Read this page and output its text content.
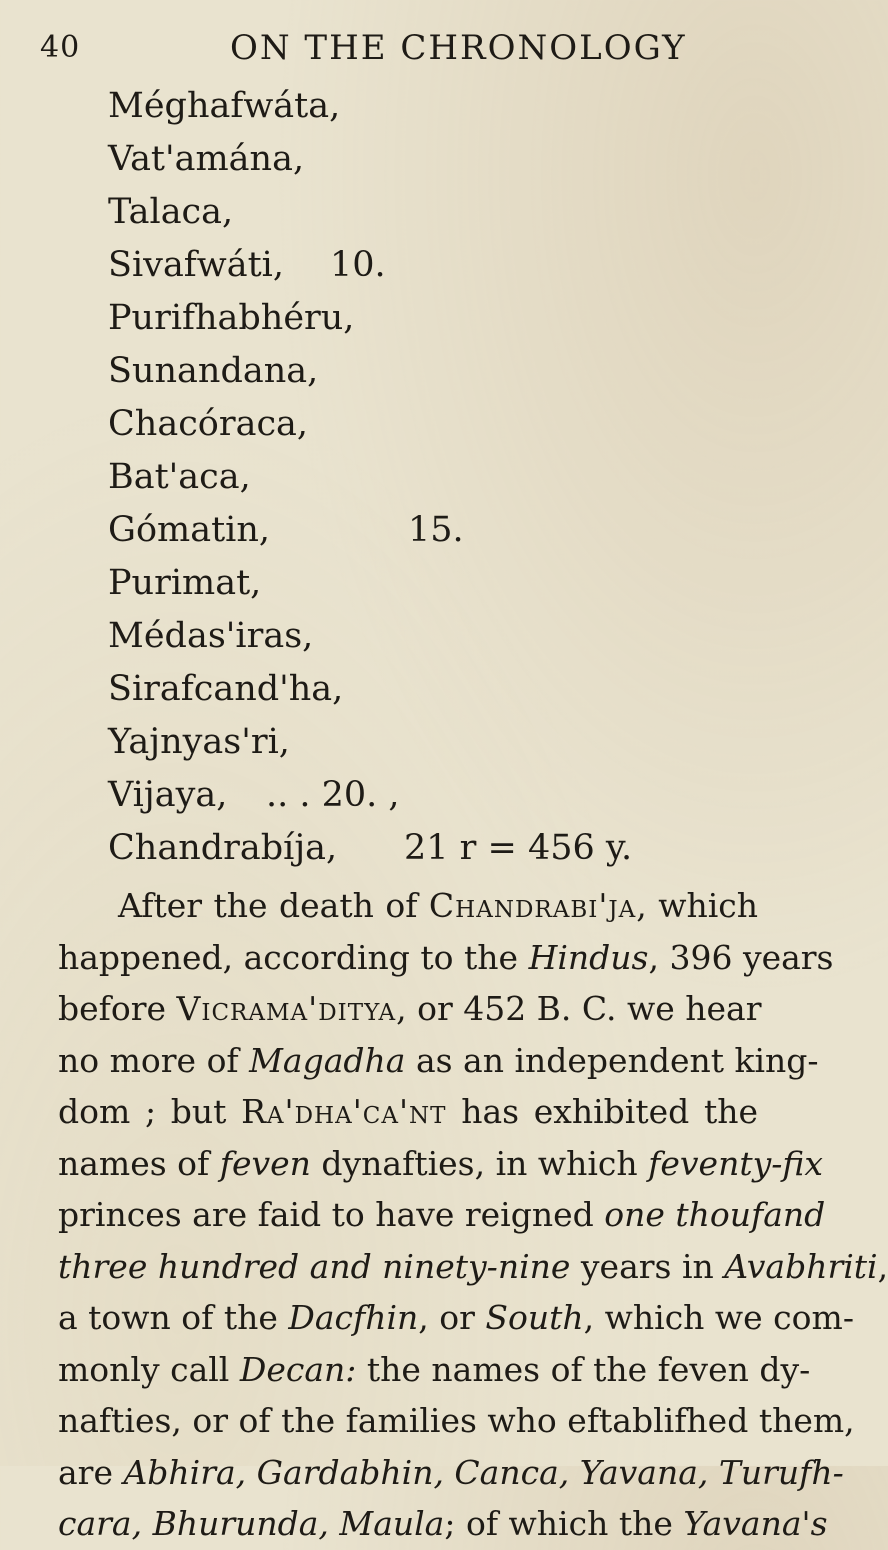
40	ON THE CHRONOLOGY
Méghafwáta,
Vat'amána,
Talaca,
Sivafwáti, 10.
Purifhabhéru,
Sunandana,
Chacóraca,
Bat'aca,
Gómatin,	15.
Purimat,
Médas'iras,
Sirafcand'ha,
Yajnyas'ri,
Vijaya, .. . 20. ,
Chandrabíja, 21 r = 456 y.
After the death of Chandrabi'ja, which
happened, according to the Hindus, 396 years
before Vicrama'ditya, or 452 B. C. we hear
no more of Magadha as an independent king-
dom ; but Ra'dha'ca'nt has exhibited the
names of feven dynafties, in which feventy-fix
princes are faid to have reigned one thoufand
three hundred and ninety-nine years in Avabhriti,
a town of the Dacfhin, or South, which we com-
monly call Decan: the names of the feven dy-
nafties, or of the families who eftablifhed them,
are Abhira, Gardabhin, Canca, Yavana, Turufh-
cara, Bhurunda, Maula; of which the Yavana's
